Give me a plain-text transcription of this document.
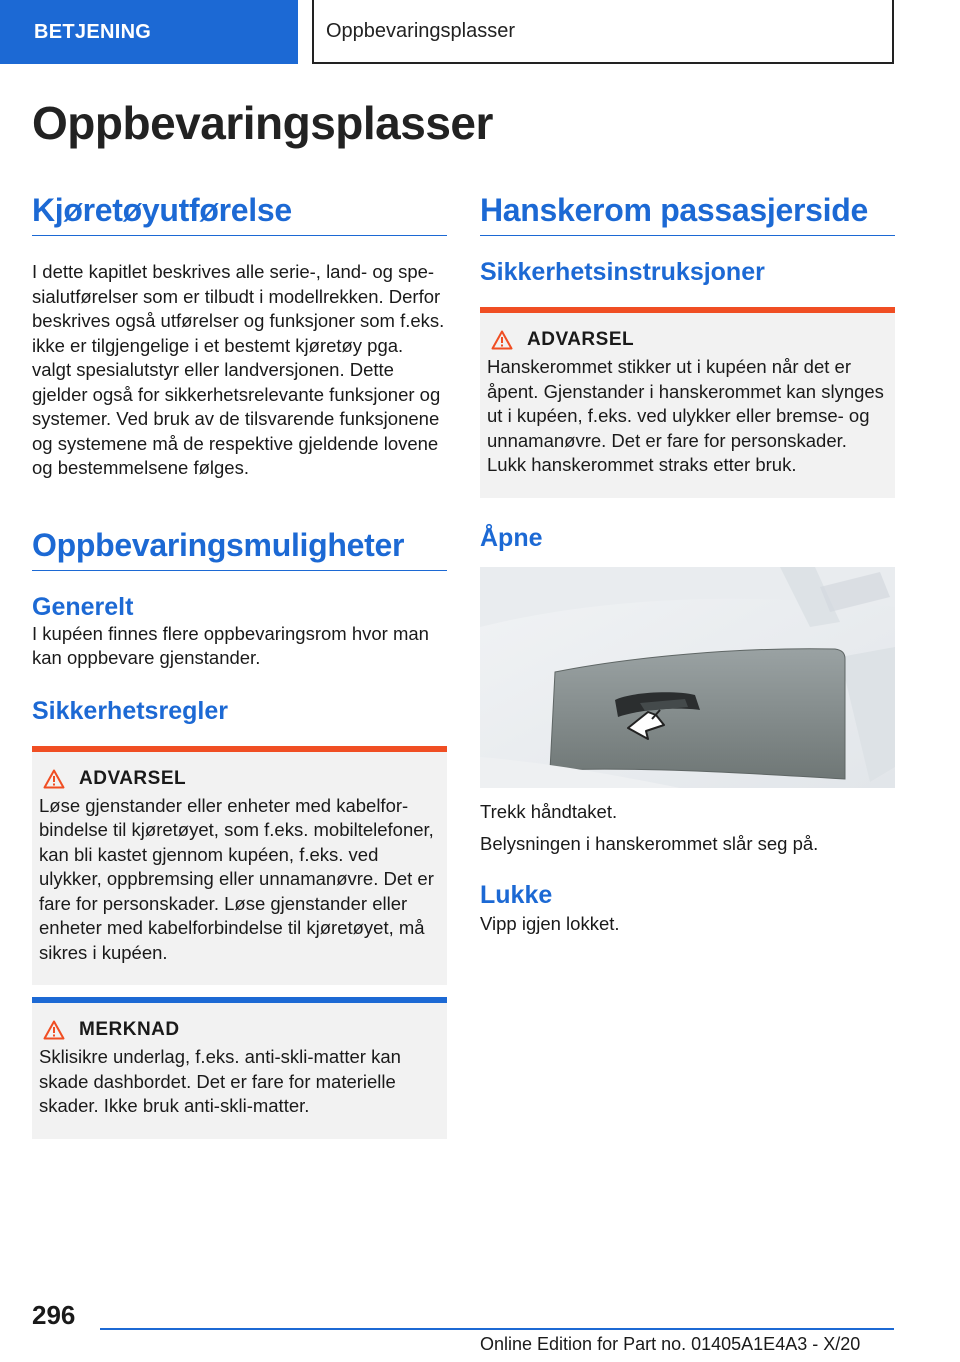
BETJENING	Oppbevaringsplasser
Oppbevaringsplasser
Kjøretøyutførelse

I dette kapitlet beskrives alle serie-, land- og spesialutførelser som er tilbudt i modellrekken. Derfor beskrives også utførelser og funksjoner som f.eks. ikke er tilgjengelige i et bestemt kjøretøy pga. valgt spesialutstyr eller landversjonen. Dette gjelder også for sikkerhetsrelevante funksjoner og systemer. Ved bruk av de tilsvarende funksjonene og systemene må de respektive gjeldende lovene og bestemmelsene følges.

Oppbevaringsmuligheter
Generelt

I kupéen finnes flere oppbevaringsrom hvor man kan oppbevare gjenstander.

Sikkerhetsregler
ADVARSEL

Løse gjenstander eller enheter med kabelforbindelse til kjøretøyet, som f.eks. mobiltelefoner, kan bli kastet gjennom kupéen, f.eks. ved ulykker, oppbremsing eller unnamanøvre. Det er fare for personskader. Løse gjenstander eller enheter med kabelforbindelse til kjøretøyet, må sikres i kupéen.

MERKNAD

Sklisikre underlag, f.eks. anti-skli-matter kan skade dashbordet. Det er fare for materielle skader. Ikke bruk anti-skli-matter.

Hanskerom passasjerside
Sikkerhetsinstruksjoner
ADVARSEL

Hanskerommet stikker ut i kupéen når det er åpent. Gjenstander i hanskerommet kan slynges ut i kupéen, f.eks. ved ulykker eller bremse- og unnamanøvre. Det er fare for personskader. Lukk hanskerommet straks etter bruk.

Åpne

Trekk håndtaket.

Belysningen i hanskerommet slår seg på.

Lukke

Vipp igjen lokket.

296
Online Edition for Part no. 01405A1E4A3 - X/20
